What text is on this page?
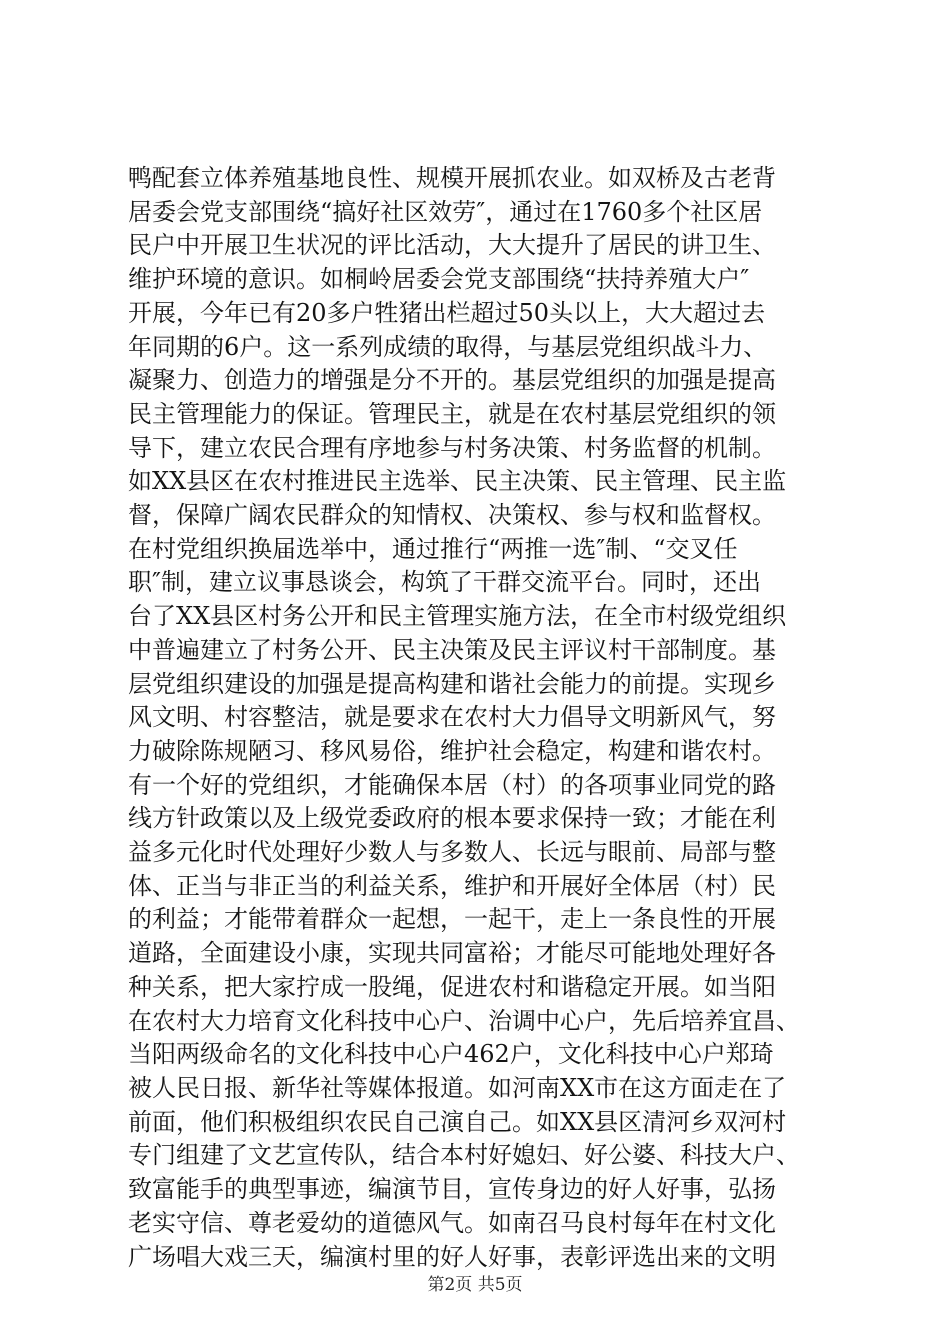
鸭配套立体养殖基地良性、规模开展抓农业。如双桥及古老背
居委会党支部围绕“搞好社区效劳″，通过在1760多个社区居
民户中开展卫生状况的评比活动，大大提升了居民的讲卫生、
维护环境的意识。如桐岭居委会党支部围绕“扶持养殖大户″
开展，今年已有20多户牲猪出栏超过50头以上，大大超过去
年同期的6户。这一系列成绩的取得，与基层党组织战斗力、
凝聚力、创造力的增强是分不开的。基层党组织的加强是提高
民主管理能力的保证。管理民主，就是在农村基层党组织的领
导下，建立农民合理有序地参与村务决策、村务监督的机制。
如XX县区在农村推进民主选举、民主决策、民主管理、民主监
督，保障广阔农民群众的知情权、决策权、参与权和监督权。
在村党组织换届选举中，通过推行“两推一选″制、“交叉任
职″制，建立议事恳谈会，构筑了干群交流平台。同时，还出
台了XX县区村务公开和民主管理实施方法，在全市村级党组织
中普遍建立了村务公开、民主决策及民主评议村干部制度。基
层党组织建设的加强是提高构建和谐社会能力的前提。实现乡
风文明、村容整洁，就是要求在农村大力倡导文明新风气，努
力破除陈规陋习、移风易俗，维护社会稳定，构建和谐农村。
有一个好的党组织，才能确保本居（村）的各项事业同党的路
线方针政策以及上级党委政府的根本要求保持一致；才能在利
益多元化时代处理好少数人与多数人、长远与眼前、局部与整
体、正当与非正当的利益关系，维护和开展好全体居（村）民
的利益；才能带着群众一起想，一起干，走上一条良性的开展
道路，全面建设小康，实现共同富裕；才能尽可能地处理好各
种关系，把大家拧成一股绳，促进农村和谐稳定开展。如当阳
在农村大力培育文化科技中心户、治调中心户，先后培养宜昌、
当阳两级命名的文化科技中心户462户，文化科技中心户郑琦
被人民日报、新华社等媒体报道。如河南XX市在这方面走在了
前面，他们积极组织农民自己演自己。如XX县区清河乡双河村
专门组建了文艺宣传队，结合本村好媳妇、好公婆、科技大户、
致富能手的典型事迹，编演节目，宣传身边的好人好事，弘扬
老实守信、尊老爱幼的道德风气。如南召马良村每年在村文化
广场唱大戏三天，编演村里的好人好事，表彰评选出来的文明
第2页 共5页
